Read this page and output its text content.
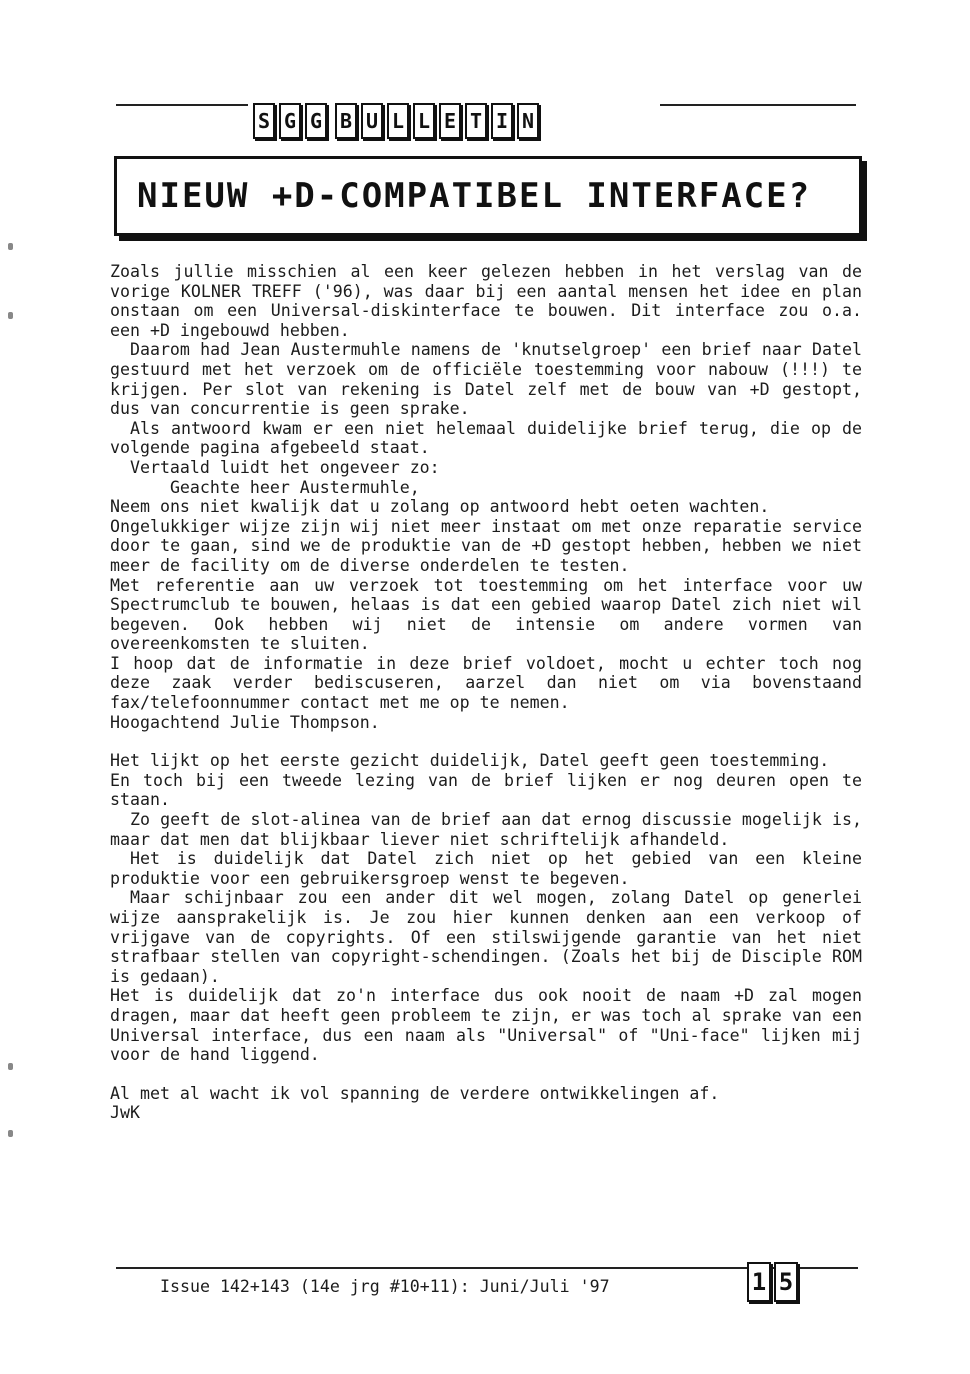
S G G B U L L E T I N
NIEUW +D-COMPATIBEL INTERFACE?

Zoals jullie misschien al een keer gelezen hebben in het verslag van de vorige KOLNER TREFF ('96), was daar bij een aantal mensen het idee en plan onstaan om een Universal-diskinterface te bouwen. Dit interface zou o.a. een +D ingebouwd hebben.

Daarom had Jean Austermuhle namens de 'knutselgroep' een brief naar Datel gestuurd met het verzoek om de officiële toestemming voor nabouw (!!!) te krijgen. Per slot van rekening is Datel zelf met de bouw van +D gestopt, dus van concurrentie is geen sprake.

Als antwoord kwam er een niet helemaal duidelijke brief terug, die op de volgende pagina afgebeeld staat.

Vertaald luidt het ongeveer zo:

Geachte heer Austermuhle,

Neem ons niet kwalijk dat u zolang op antwoord hebt oeten wachten.

Ongelukkiger wijze zijn wij niet meer instaat om met onze reparatie service door te gaan, sind we de produktie van de +D gestopt hebben, hebben we niet meer de facility om de diverse onderdelen te testen.

Met referentie aan uw verzoek tot toestemming om het interface voor uw Spectrumclub te bouwen, helaas is dat een gebied waarop Datel zich niet wil begeven. Ook hebben wij niet de intensie om andere vormen van overeenkomsten te sluiten.

I hoop dat de informatie in deze brief voldoet, mocht u echter toch nog deze zaak verder bediscuseren, aarzel dan niet om via bovenstaand fax/telefoonnummer contact met me op te nemen.

Hoogachtend Julie Thompson.

Het lijkt op het eerste gezicht duidelijk, Datel geeft geen toestemming.

En toch bij een tweede lezing van de brief lijken er nog deuren open te staan.

Zo geeft de slot-alinea van de brief aan dat ernog discussie mogelijk is, maar dat men dat blijkbaar liever niet schriftelijk afhandeld.

Het is duidelijk dat Datel zich niet op het gebied van een kleine produktie voor een gebruikersgroep wenst te begeven.

Maar schijnbaar zou een ander dit wel mogen, zolang Datel op generlei wijze aansprakelijk is. Je zou hier kunnen denken aan een verkoop of vrijgave van de copyrights. Of een stilswijgende garantie van het niet strafbaar stellen van copyright-schendingen. (Zoals het bij de Disciple ROM is gedaan).

Het is duidelijk dat zo'n interface dus ook nooit de naam +D zal mogen dragen, maar dat heeft geen probleem te zijn, er was toch al sprake van een Universal interface, dus een naam als "Universal" of "Uni-face" lijken mij voor de hand liggend.

Al met al wacht ik vol spanning de verdere ontwikkelingen af.

JwK

Issue 142+143 (14e jrg #10+11): Juni/Juli '97	1 5
